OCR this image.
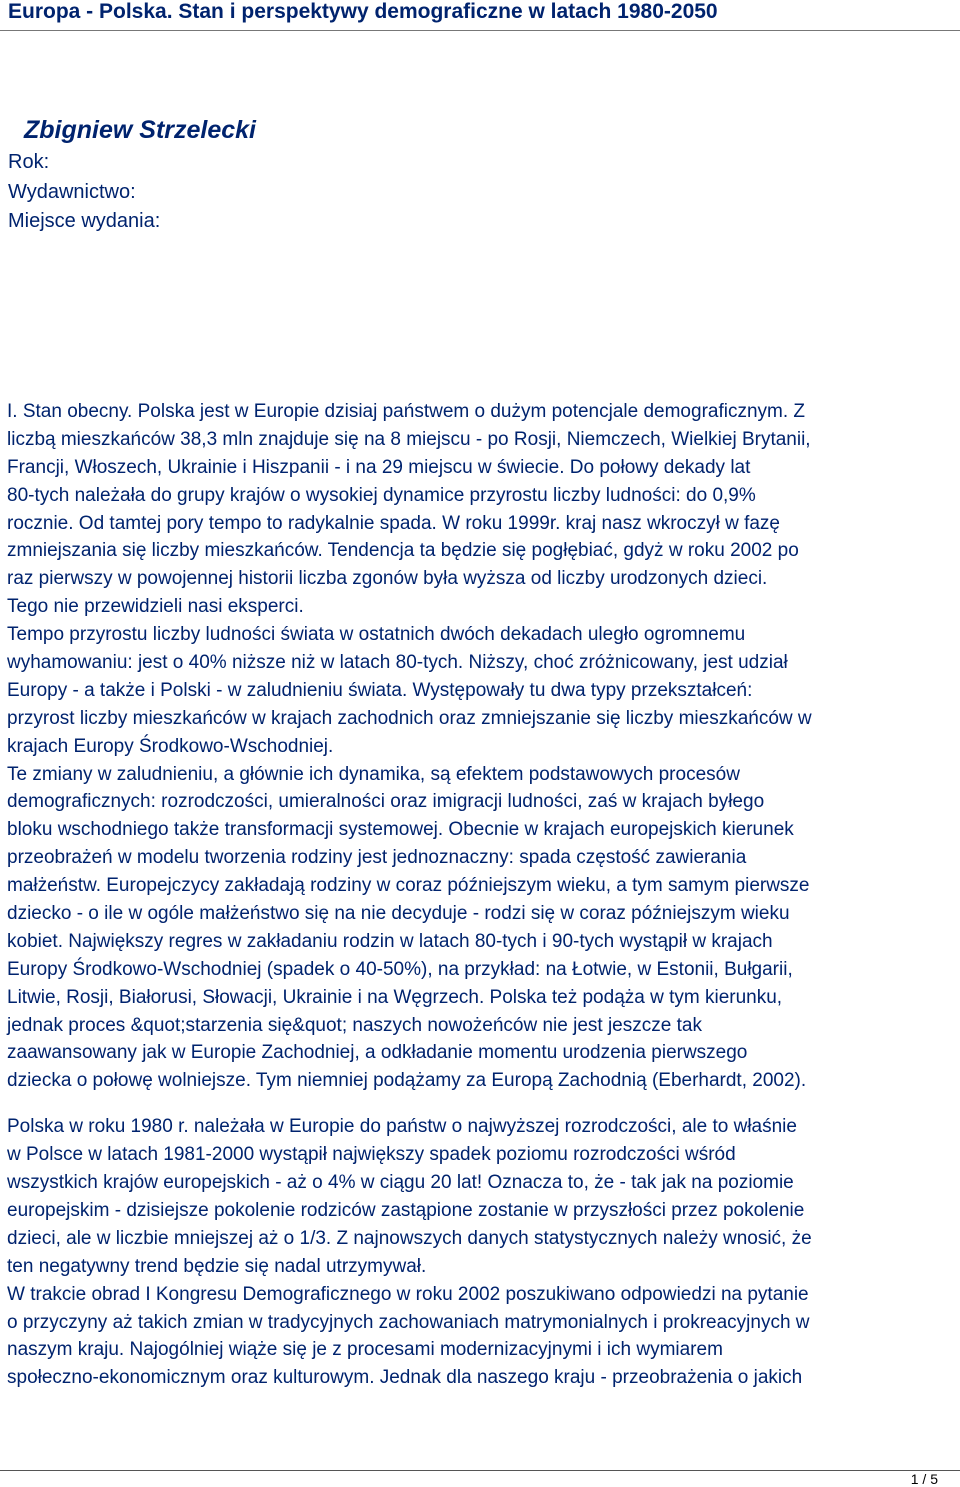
Europa - Polska. Stan i perspektywy demograficzne w latach 1980-2050
Zbigniew Strzelecki
Rok:
Wydawnictwo:
Miejsce wydania:
I. Stan obecny. Polska jest w Europie dzisiaj państwem o dużym potencjale demograficznym. Z
liczbą mieszkańców 38,3 mln znajduje się na 8 miejscu - po Rosji, Niemczech, Wielkiej Brytanii,
Francji, Włoszech, Ukrainie i Hiszpanii - i na 29 miejscu w świecie. Do połowy dekady lat
80-tych należała do grupy krajów o wysokiej dynamice przyrostu liczby ludności: do 0,9%
rocznie. Od tamtej pory tempo to radykalnie spada. W roku 1999r. kraj nasz wkroczył w fazę
zmniejszania się liczby mieszkańców. Tendencja ta będzie się pogłębiać, gdyż w roku 2002 po
raz pierwszy w powojennej historii liczba zgonów była wyższa od liczby urodzonych dzieci.
Tego nie przewidzieli nasi eksperci.
Tempo przyrostu liczby ludności świata w ostatnich dwóch dekadach uległo ogromnemu
wyhamowaniu: jest o 40% niższe niż w latach 80-tych. Niższy, choć zróżnicowany, jest udział
Europy - a także i Polski - w zaludnieniu świata. Występowały tu dwa typy przekształceń:
przyrost liczby mieszkańców w krajach zachodnich oraz zmniejszanie się liczby mieszkańców w
krajach Europy Środkowo-Wschodniej.
Te zmiany w zaludnieniu, a głównie ich dynamika, są efektem podstawowych procesów
demograficznych: rozrodczości, umieralności oraz imigracji ludności, zaś w krajach byłego
bloku wschodniego także transformacji systemowej. Obecnie w krajach europejskich kierunek
przeobrażeń w modelu tworzenia rodziny jest jednoznaczny: spada częstość zawierania
małżeństw. Europejczycy zakładają rodziny w coraz późniejszym wieku, a tym samym pierwsze
dziecko - o ile w ogóle małżeństwo się na nie decyduje - rodzi się w coraz późniejszym wieku
kobiet. Największy regres w zakładaniu rodzin w latach 80-tych i 90-tych wystąpił w krajach
Europy Środkowo-Wschodniej (spadek o 40-50%), na przykład: na Łotwie, w Estonii, Bułgarii,
Litwie, Rosji, Białorusi, Słowacji, Ukrainie i na Węgrzech. Polska też podąża w tym kierunku,
jednak proces &quot;starzenia się&quot; naszych nowożeńców nie jest jeszcze tak
zaawansowany jak w Europie Zachodniej, a odkładanie momentu urodzenia pierwszego
dziecka o połowę wolniejsze. Tym niemniej podążamy za Europą Zachodnią (Eberhardt, 2002).
Polska w roku 1980 r. należała w Europie do państw o najwyższej rozrodczości, ale to właśnie
w Polsce w latach 1981-2000 wystąpił największy spadek poziomu rozrodczości wśród
wszystkich krajów europejskich - aż o 4% w ciągu 20 lat! Oznacza to, że - tak jak na poziomie
europejskim - dzisiejsze pokolenie rodziców zastąpione zostanie w przyszłości przez pokolenie
dzieci, ale w liczbie mniejszej aż o 1/3. Z najnowszych danych statystycznych należy wnosić, że
ten negatywny trend będzie się nadal utrzymywał.
W trakcie obrad I Kongresu Demograficznego w roku 2002 poszukiwano odpowiedzi na pytanie
o przyczyny aż takich zmian w tradycyjnych zachowaniach matrymonialnych i prokreacyjnych w
naszym kraju. Najogólniej wiąże się je z procesami modernizacyjnymi i ich wymiarem
społeczno-ekonomicznym oraz kulturowym. Jednak dla naszego kraju - przeobrażenia o jakich
1 / 5
